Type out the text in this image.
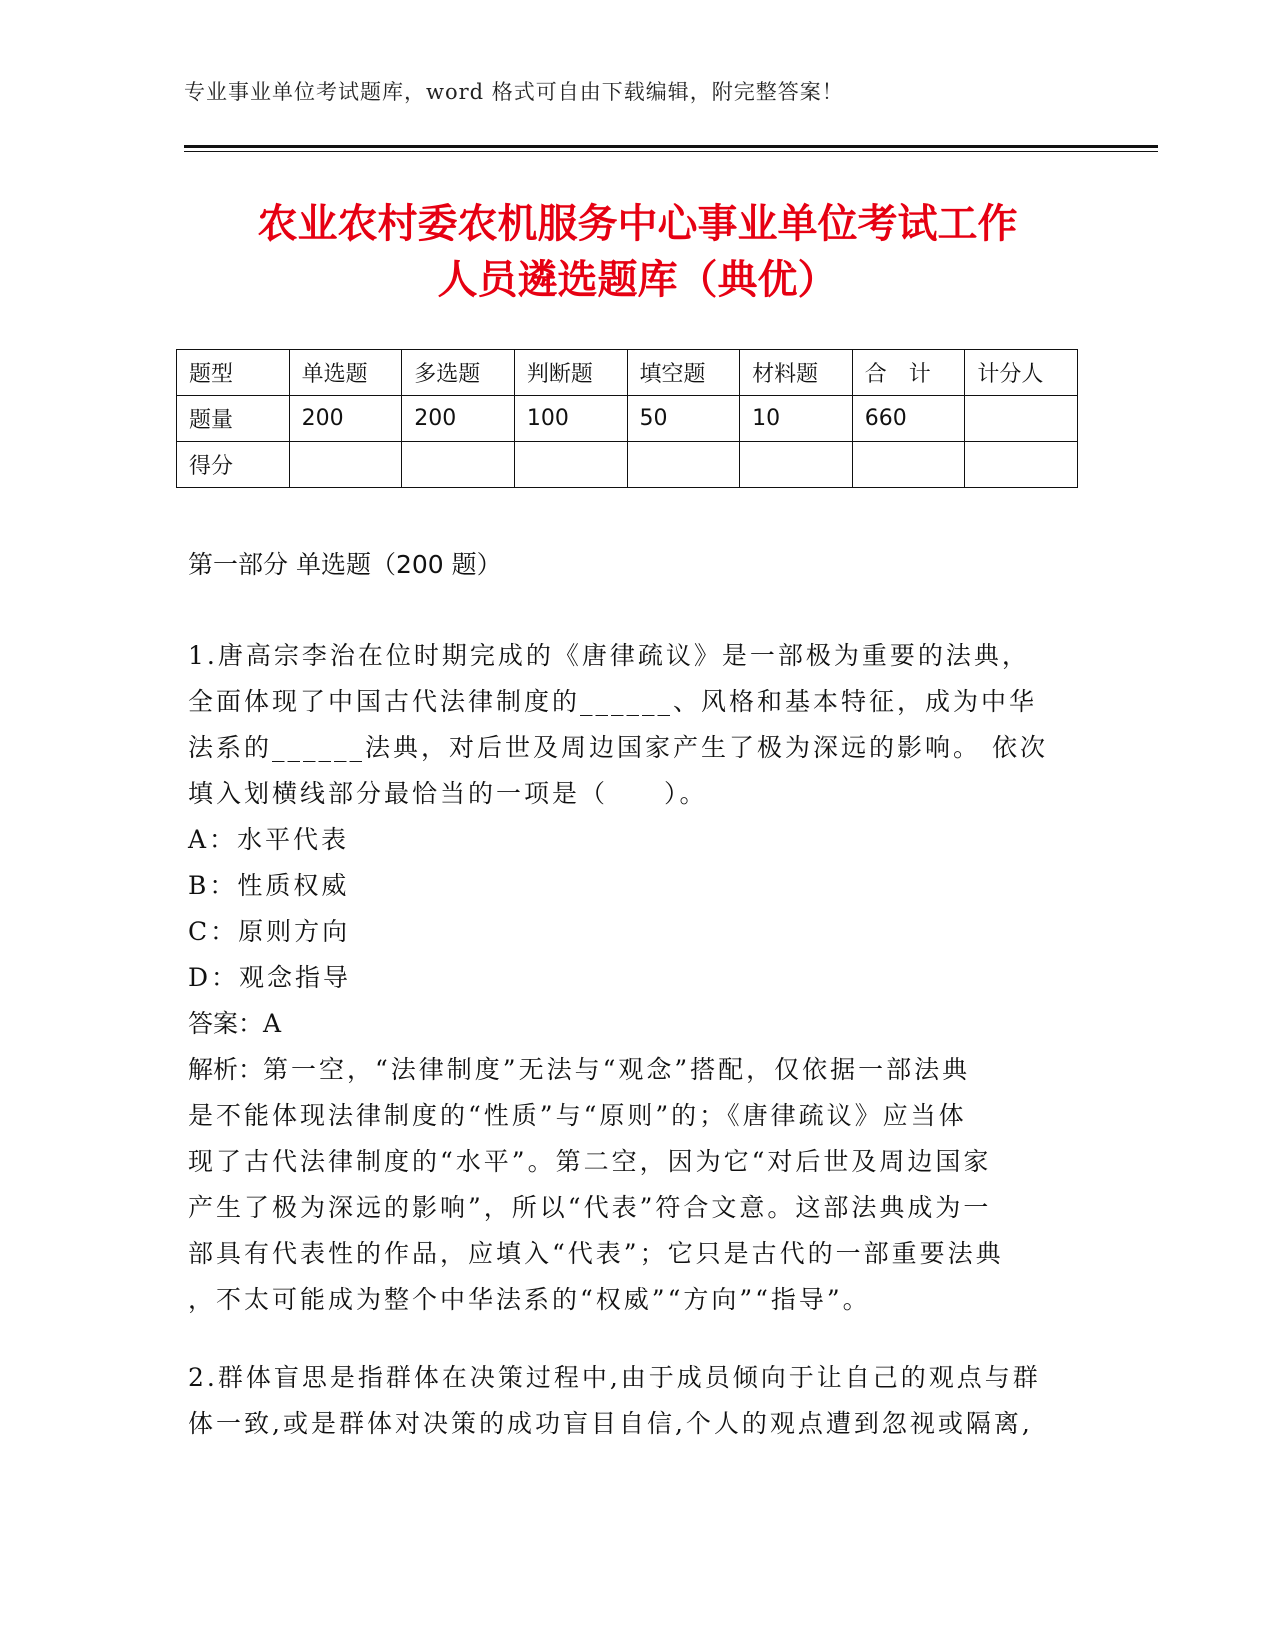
专业事业单位考试题库，word 格式可自由下载编辑，附完整答案！
农业农村委农机服务中心事业单位考试工作
人员遴选题库（典优）
题型	单选题	多选题	判断题	填空题	材料题	合　计	计分人
题量	200	200	100	50	10	660	
得分							
第一部分 单选题（200 题）
1.唐高宗李治在位时期完成的《唐律疏议》是一部极为重要的法典，
全面体现了中国古代法律制度的______、风格和基本特征，成为中华
法系的______法典，对后世及周边国家产生了极为深远的影响。 依次
填入划横线部分最恰当的一项是（　　）。
A：水平代表
B：性质权威
C：原则方向
D：观念指导
答案：A
解析：第一空，“法律制度”无法与“观念”搭配，仅依据一部法典
是不能体现法律制度的“性质”与“原则”的；《唐律疏议》应当体
现了古代法律制度的“水平”。第二空，因为它“对后世及周边国家
产生了极为深远的影响”，所以“代表”符合文意。这部法典成为一
部具有代表性的作品，应填入“代表”；它只是古代的一部重要法典
，不太可能成为整个中华法系的“权威”“方向”“指导”。
2.群体盲思是指群体在决策过程中,由于成员倾向于让自己的观点与群
体一致,或是群体对决策的成功盲目自信,个人的观点遭到忽视或隔离,
